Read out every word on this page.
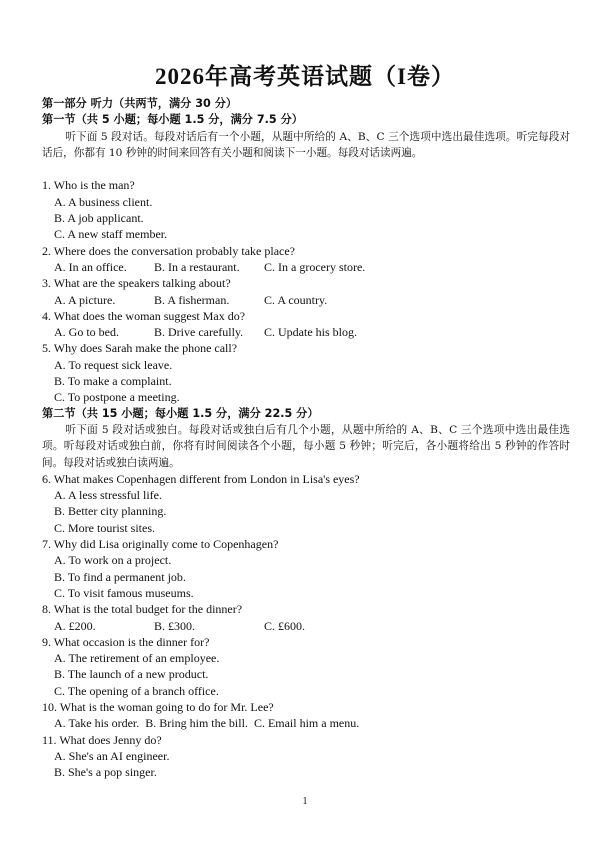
2026年高考英语试题（I卷）
第一部分 听力（共两节，满分 30 分）
第一节（共 5 小题；每小题 1.5 分，满分 7.5 分）
听下面 5 段对话。每段对话后有一个小题，从题中所给的 A、B、C 三个选项中选出最佳选项。听完每段对话后，你都有 10 秒钟的时间来回答有关小题和阅读下一小题。每段对话读两遍。
1. Who is the man?
A. A business client.
B. A job applicant.
C. A new staff member.
2. Where does the conversation probably take place?
A. In an office.	B. In a restaurant.	C. In a grocery store.
3. What are the speakers talking about?
A. A picture.	B. A fisherman.	C. A country.
4. What does the woman suggest Max do?
A. Go to bed.	B. Drive carefully.	C. Update his blog.
5. Why does Sarah make the phone call?
A. To request sick leave.
B. To make a complaint.
C. To postpone a meeting.
第二节（共 15 小题；每小题 1.5 分，满分 22.5 分）
听下面 5 段对话或独白。每段对话或独白后有几个小题，从题中所给的 A、B、C 三个选项中选出最佳选项。听每段对话或独白前，你将有时间阅读各个小题，每小题 5 秒钟；听完后，各小题将给出 5 秒钟的作答时间。每段对话或独白读两遍。
6. What makes Copenhagen different from London in Lisa's eyes?
A. A less stressful life.
B. Better city planning.
C. More tourist sites.
7. Why did Lisa originally come to Copenhagen?
A. To work on a project.
B. To find a permanent job.
C. To visit famous museums.
8. What is the total budget for the dinner?
A. £200.	B. £300.	C. £600.
9. What occasion is the dinner for?
A. The retirement of an employee.
B. The launch of a new product.
C. The opening of a branch office.
10. What is the woman going to do for Mr. Lee?
A. Take his order. B. Bring him the bill. C. Email him a menu.
11. What does Jenny do?
A. She's an AI engineer.
B. She's a pop singer.
1
